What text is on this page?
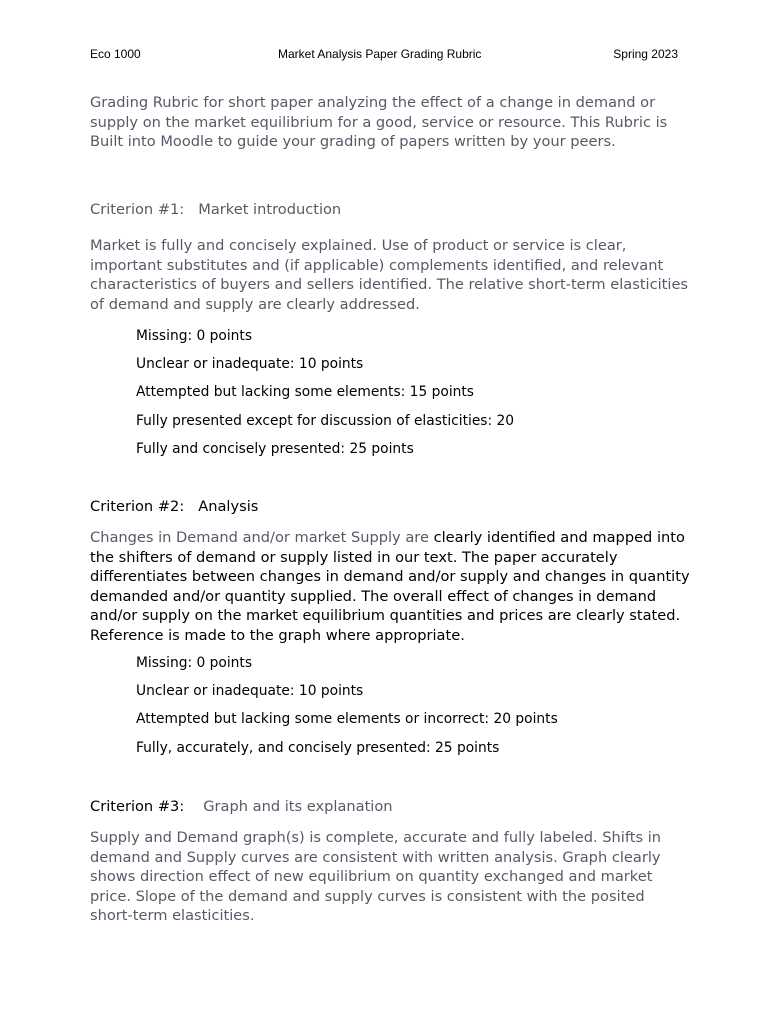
Eco 1000	Market Analysis Paper Grading Rubric	Spring 2023

Grading Rubric for short paper analyzing the effect of a change in demand or supply on the market equilibrium for a good, service or resource. This Rubric is Built into Moodle to guide your grading of papers written by your peers.

Criterion #1: Market introduction

Market is fully and concisely explained. Use of product or service is clear, important substitutes and (if applicable) complements identified, and relevant characteristics of buyers and sellers identified. The relative short-term elasticities of demand and supply are clearly addressed.

Missing: 0 points
Unclear or inadequate: 10 points
Attempted but lacking some elements: 15 points
Fully presented except for discussion of elasticities: 20
Fully and concisely presented: 25 points
Criterion #2: Analysis

Changes in Demand and/or market Supply are clearly identified and mapped into the shifters of demand or supply listed in our text. The paper accurately differentiates between changes in demand and/or supply and changes in quantity demanded and/or quantity supplied. The overall effect of changes in demand and/or supply on the market equilibrium quantities and prices are clearly stated. Reference is made to the graph where appropriate.

Missing: 0 points
Unclear or inadequate: 10 points
Attempted but lacking some elements or incorrect: 20 points
Fully, accurately, and concisely presented: 25 points
Criterion #3: Graph and its explanation

Supply and Demand graph(s) is complete, accurate and fully labeled. Shifts in demand and Supply curves are consistent with written analysis. Graph clearly shows direction effect of new equilibrium on quantity exchanged and market price. Slope of the demand and supply curves is consistent with the posited short-term elasticities.
